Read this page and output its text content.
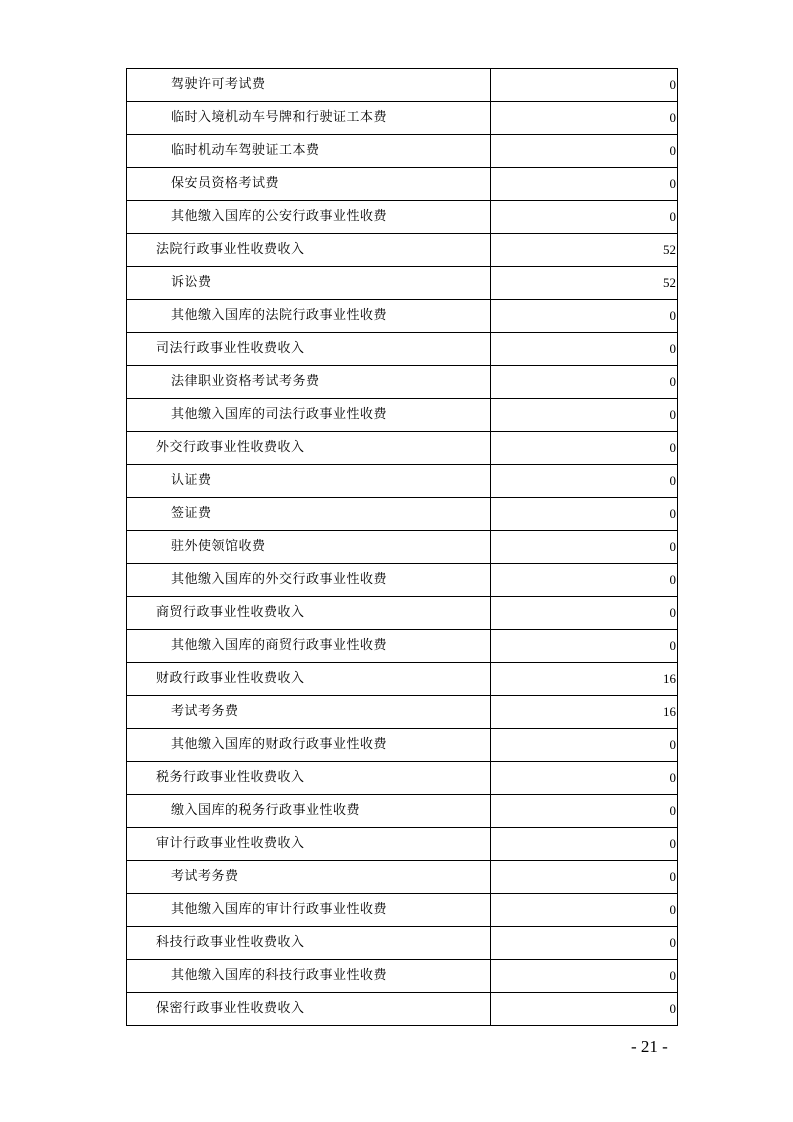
驾驶许可考试费	0
临时入境机动车号牌和行驶证工本费	0
临时机动车驾驶证工本费	0
保安员资格考试费	0
其他缴入国库的公安行政事业性收费	0
法院行政事业性收费收入	52
诉讼费	52
其他缴入国库的法院行政事业性收费	0
司法行政事业性收费收入	0
法律职业资格考试考务费	0
其他缴入国库的司法行政事业性收费	0
外交行政事业性收费收入	0
认证费	0
签证费	0
驻外使领馆收费	0
其他缴入国库的外交行政事业性收费	0
商贸行政事业性收费收入	0
其他缴入国库的商贸行政事业性收费	0
财政行政事业性收费收入	16
考试考务费	16
其他缴入国库的财政行政事业性收费	0
税务行政事业性收费收入	0
缴入国库的税务行政事业性收费	0
审计行政事业性收费收入	0
考试考务费	0
其他缴入国库的审计行政事业性收费	0
科技行政事业性收费收入	0
其他缴入国库的科技行政事业性收费	0
保密行政事业性收费收入	0
- 21 -
